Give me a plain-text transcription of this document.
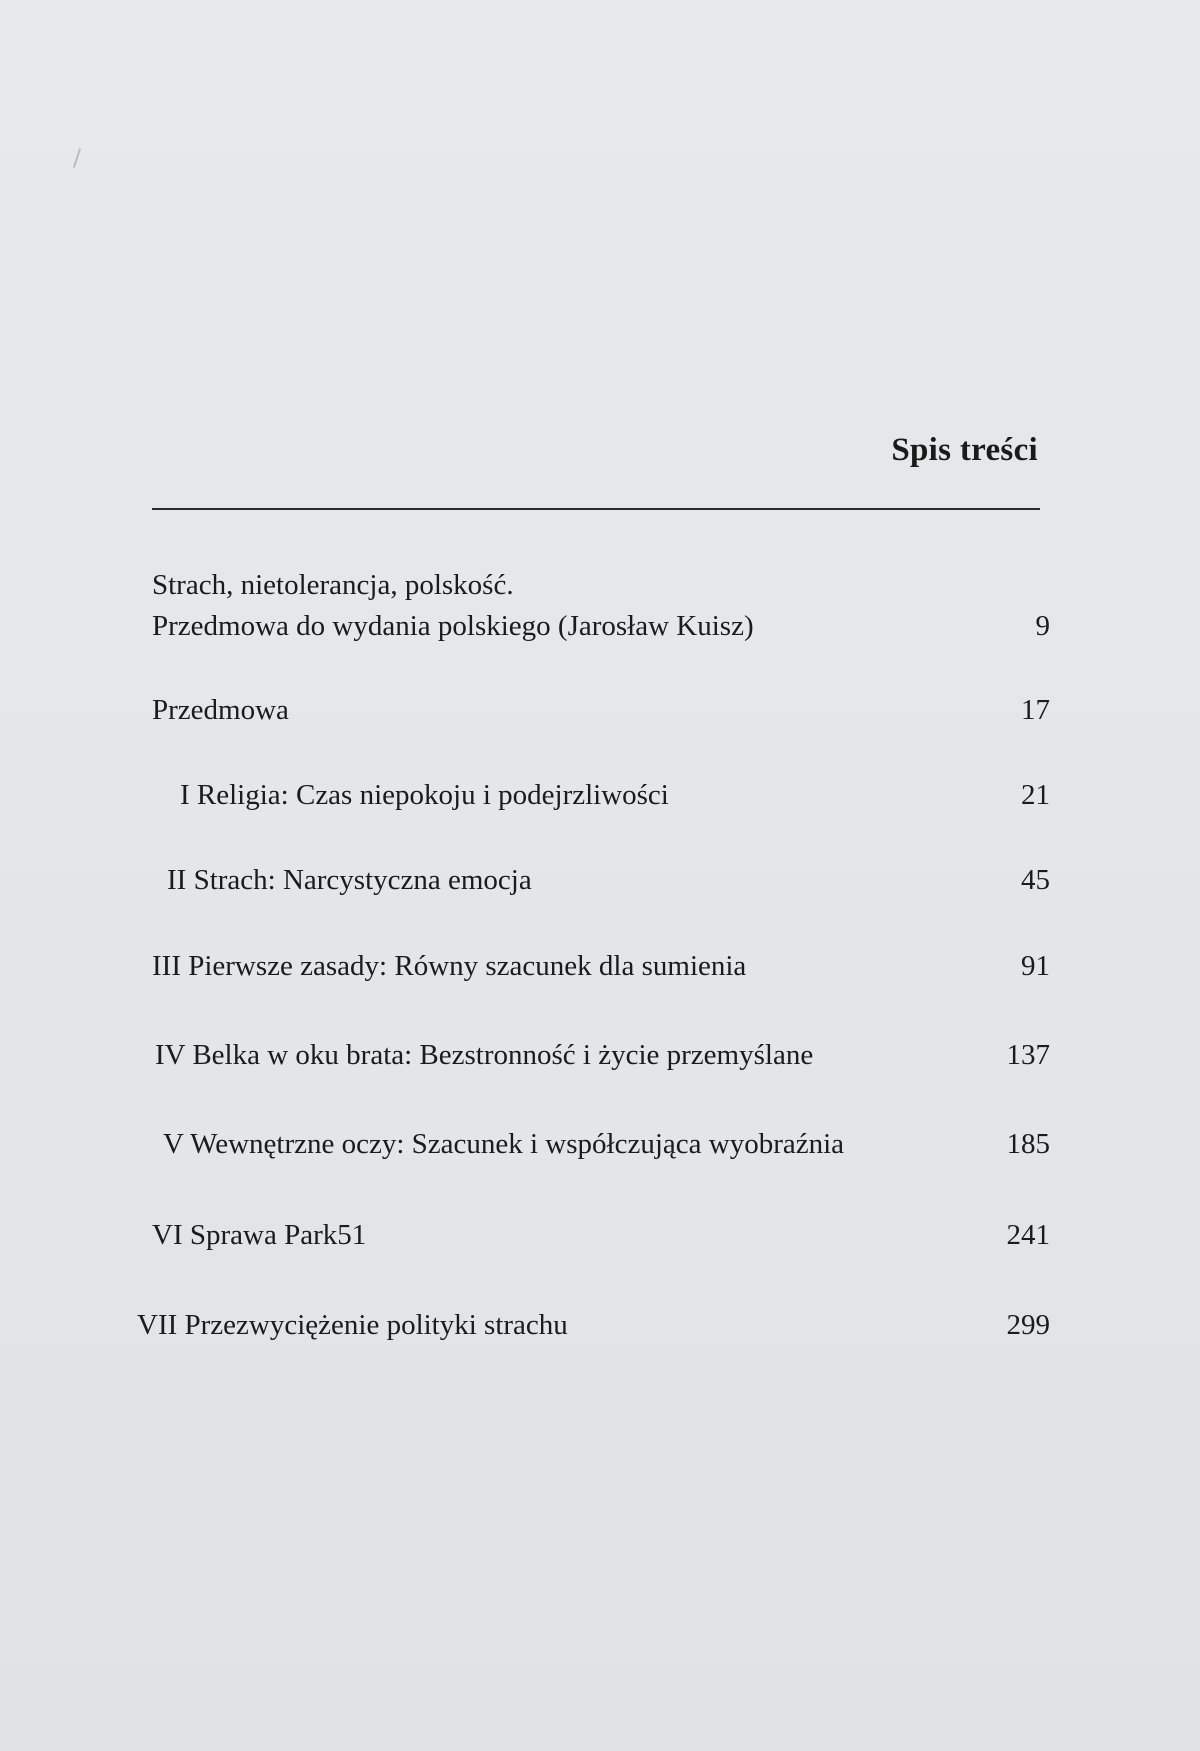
Spis treści
Strach, nietolerancja, polskość.
Przedmowa do wydania polskiego (Jarosław Kuisz)	9
Przedmowa	17
I Religia: Czas niepokoju i podejrzliwości	21
II Strach: Narcystyczna emocja	45
III Pierwsze zasady: Równy szacunek dla sumienia	91
IV Belka w oku brata: Bezstronność i życie przemyślane	137
V Wewnętrzne oczy: Szacunek i współczująca wyobraźnia	185
VI Sprawa Park51	241
VII Przezwyciężenie polityki strachu	299
